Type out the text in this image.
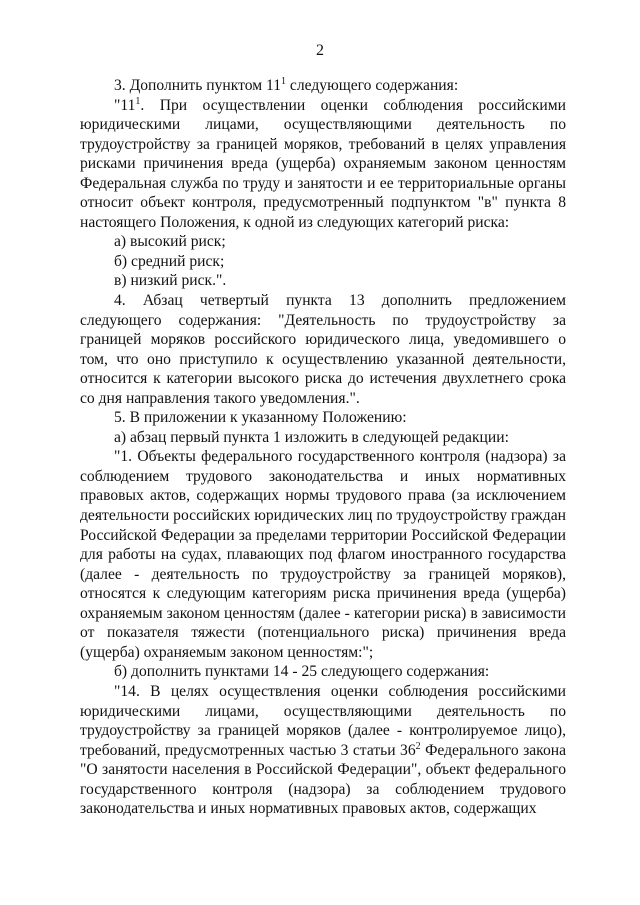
2

3. Дополнить пунктом $11^1$ следующего содержания:

"$11^1$. При осуществлении оценки соблюдения российскими юридическими лицами, осуществляющими деятельность по трудоустройству за границей моряков, требований в целях управления рисками причинения вреда (ущерба) охраняемым законом ценностям Федеральная служба по труду и занятости и ее территориальные органы относит объект контроля, предусмотренный подпунктом "в" пункта 8 настоящего Положения, к одной из следующих категорий риска:

а) высокий риск;

б) средний риск;

в) низкий риск.".

4. Абзац четвертый пункта 13 дополнить предложением следующего содержания: "Деятельность по трудоустройству за границей моряков российского юридического лица, уведомившего о том, что оно приступило к осуществлению указанной деятельности, относится к категории высокого риска до истечения двухлетнего срока со дня направления такого уведомления.".

5. В приложении к указанному Положению:

а) абзац первый пункта 1 изложить в следующей редакции:

"1. Объекты федерального государственного контроля (надзора) за соблюдением трудового законодательства и иных нормативных правовых актов, содержащих нормы трудового права (за исключением деятельности российских юридических лиц по трудоустройству граждан Российской Федерации за пределами территории Российской Федерации для работы на судах, плавающих под флагом иностранного государства (далее - деятельность по трудоустройству за границей моряков), относятся к следующим категориям риска причинения вреда (ущерба) охраняемым законом ценностям (далее - категории риска) в зависимости от показателя тяжести (потенциального риска) причинения вреда (ущерба) охраняемым законом ценностям:";

б) дополнить пунктами 14 - 25 следующего содержания:

"14. В целях осуществления оценки соблюдения российскими юридическими лицами, осуществляющими деятельность по трудоустройству за границей моряков (далее - контролируемое лицо), требований, предусмотренных частью 3 статьи $36^2$ Федерального закона "О занятости населения в Российской Федерации", объект федерального государственного контроля (надзора) за соблюдением трудового законодательства и иных нормативных правовых актов, содержащих
